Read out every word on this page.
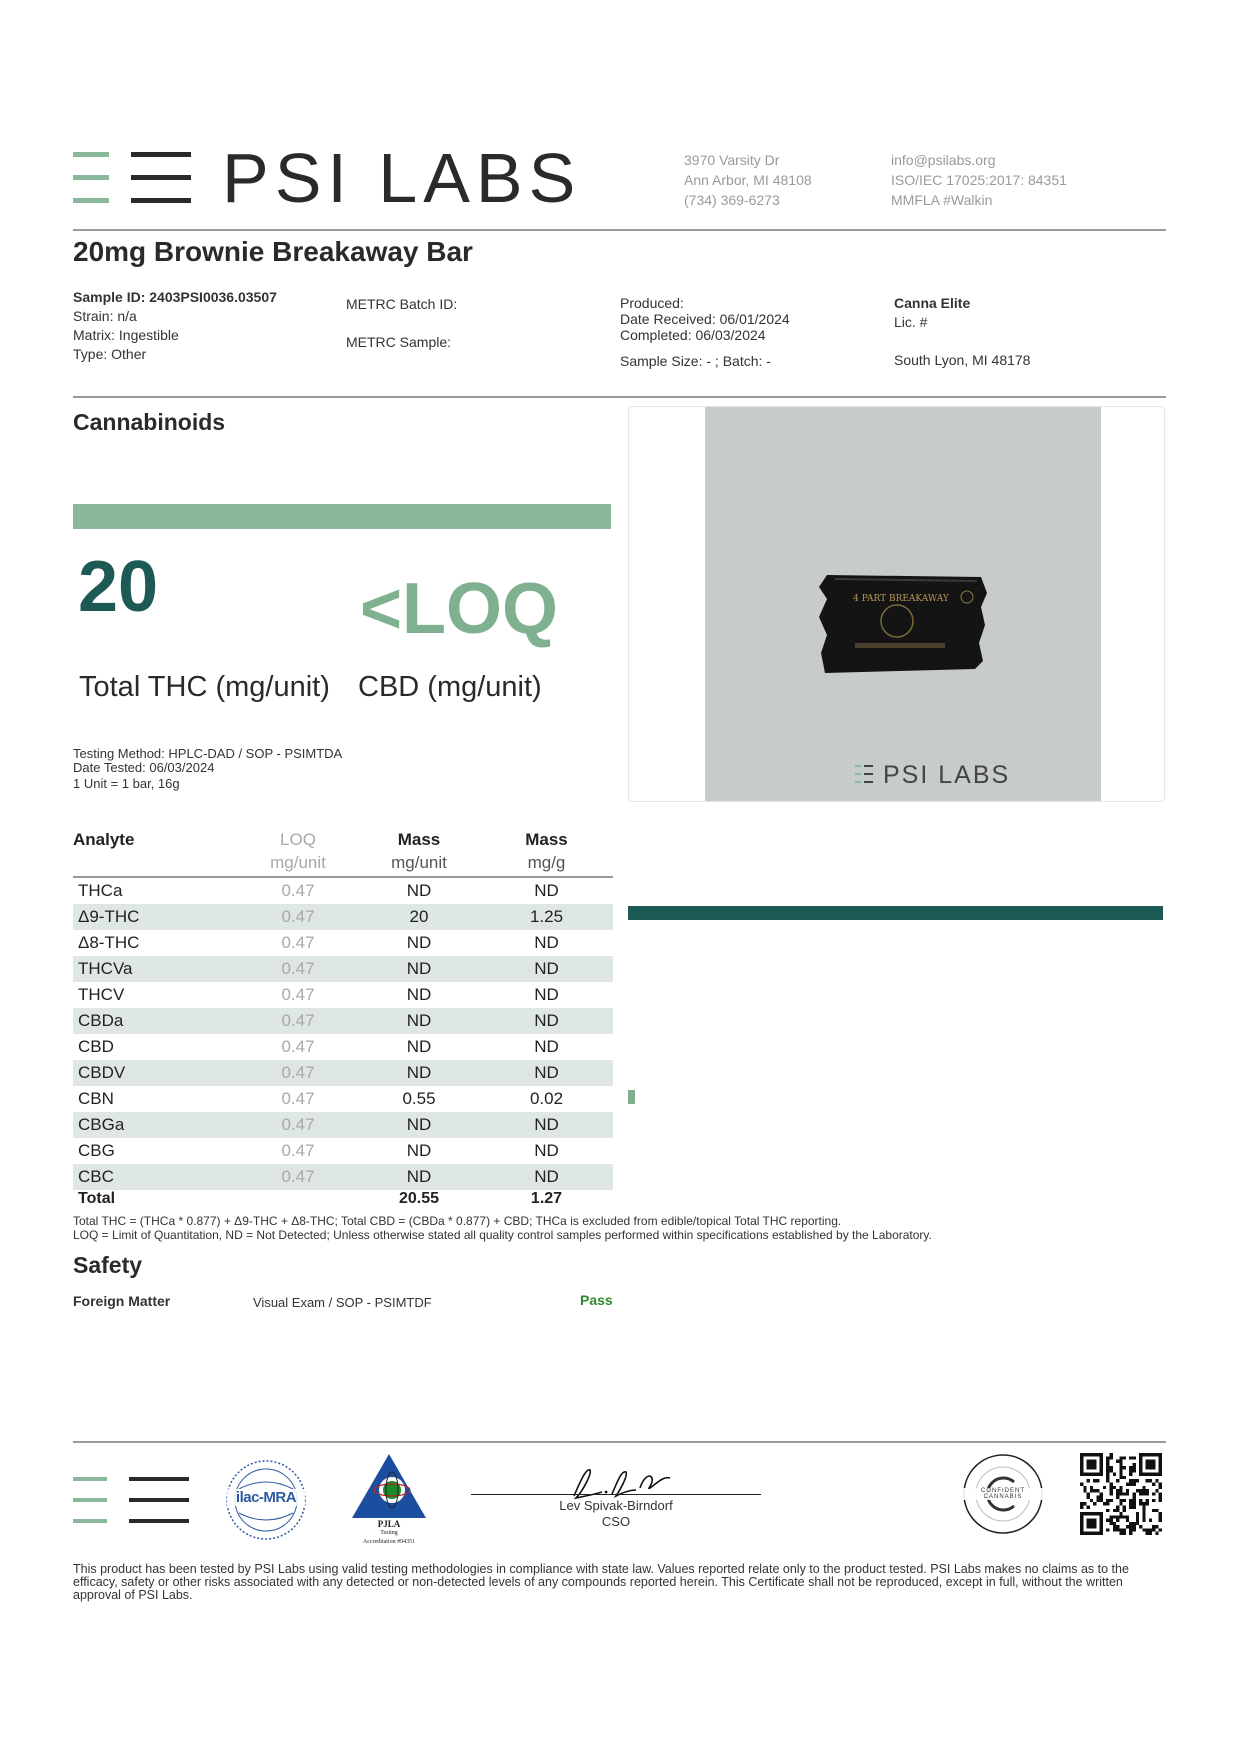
PSI LABS	3970 Varsity Dr
Ann Arbor, MI 48108
(734) 369-6273
info@psilabs.org
ISO/IEC 17025:2017: 84351
MMFLA #Walkin
20mg Brownie Breakaway Bar
Sample ID: 2403PSI0036.03507
Strain: n/a
Matrix: Ingestible
Type: Other
METRC Batch ID:
METRC Sample:
Produced:
Date Received: 06/01/2024
Completed: 06/03/2024
Sample Size: - ; Batch: -
Canna Elite
Lic. #
South Lyon, MI 48178
Cannabinoids
20	<LOQ
Total THC (mg/unit) CBD (mg/unit)
Testing Method: HPLC-DAD / SOP - PSIMTDA
Date Tested: 06/03/2024
1 Unit = 1 bar, 16g
4 PART BREAKAWAY
PSI LABS
Analyte	LOQ	Mass	Mass
	mg/unit	mg/unit	mg/g
THCa	0.47	ND	ND
Δ9-THC	0.47	20	1.25
Δ8-THC	0.47	ND	ND
THCVa	0.47	ND	ND
THCV	0.47	ND	ND
CBDa	0.47	ND	ND
CBD	0.47	ND	ND
CBDV	0.47	ND	ND
CBN	0.47	0.55	0.02
CBGa	0.47	ND	ND
CBG	0.47	ND	ND
CBC	0.47	ND	ND
Total		20.55	1.27
Total THC = (THCa * 0.877) + Δ9-THC + Δ8-THC; Total CBD = (CBDa * 0.877) + CBD; THCa is excluded from edible/topical Total THC reporting.
LOQ = Limit of Quantitation, ND = Not Detected; Unless otherwise stated all quality control samples performed within specifications established by the Laboratory.
Safety
Foreign Matter	Visual Exam / SOP - PSIMTDF	Pass
ilac-MRA
PJLA
Testing
Accreditation #94351
Lev Spivak-Birndorf
CSO
CONFIDENT CANNABIS
This product has been tested by PSI Labs using valid testing methodologies in compliance with state law. Values reported relate only to the product tested. PSI Labs makes no claims as to the efficacy, safety or other risks associated with any detected or non-detected levels of any compounds reported herein. This Certificate shall not be reproduced, except in full, without the written approval of PSI Labs.
